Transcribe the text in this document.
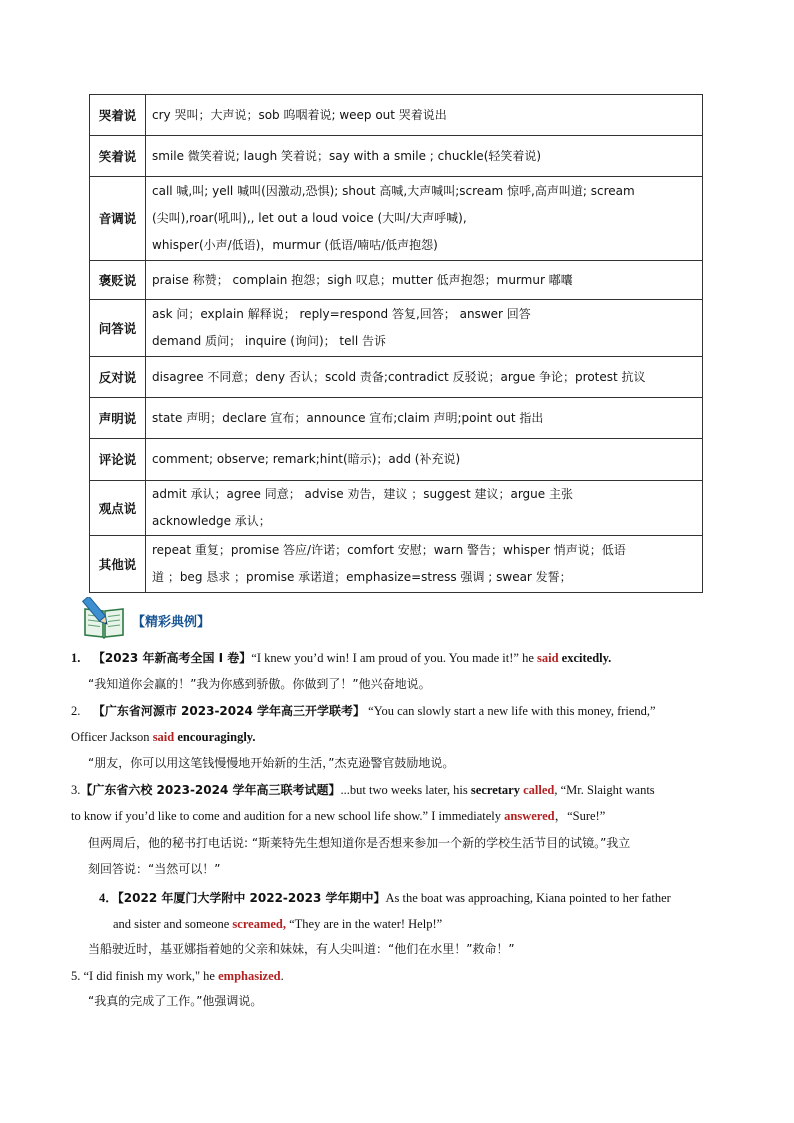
哭着说	cry 哭叫；大声说；sob 呜咽着说; weep out 哭着说出

笑着说	smile 微笑着说; laugh 笑着说；say with a smile ; chuckle(轻笑着说)

音调说	call 喊,叫; yell 喊叫(因激动,恐惧); shout 高喊,大声喊叫;scream 惊呼,高声叫道; scream
(尖叫),roar(吼叫),, let out a loud voice (大叫/大声呼喊),
whisper(小声/低语)，murmur (低语/喃咕/低声抱怨)

褒贬说	praise 称赞； complain 抱怨；sigh 叹息；mutter 低声抱怨；murmur 嘟囔

问答说	ask 问；explain 解释说； reply=respond 答复,回答； answer 回答
demand 质问； inquire (询问)； tell 告诉

反对说	disagree 不同意；deny 否认；scold 责备;contradict 反驳说；argue 争论；protest 抗议

声明说	state 声明；declare 宣布；announce 宣布;claim 声明;point out 指出

评论说	comment; observe; remark;hint(暗示)；add (补充说)

观点说	admit 承认；agree 同意； advise 劝告，建议 ；suggest 建议；argue 主张
acknowledge 承认；

其他说	repeat 重复；promise 答应/许诺；comfort 安慰；warn 警告；whisper 悄声说；低语
道 ；beg 恳求 ；promise 承诺道；emphasize=stress 强调 ; swear 发誓；
【精彩典例】
1. 【2023 年新高考全国 I 卷】“I knew you’d win! I am proud of you. You made it!” he said excitedly.
“我知道你会赢的！”我为你感到骄傲。你做到了！”他兴奋地说。
2. 【广东省河源市 2023-2024 学年高三开学联考】 “You can slowly start a new life with this money, friend,”
Officer Jackson said encouragingly.
“朋友，你可以用这笔钱慢慢地开始新的生活，”杰克逊警官鼓励地说。
3.【广东省六校 2023-2024 学年高三联考试题】...but two weeks later, his secretary called, “Mr. Slaight wants
to know if you’d like to come and audition for a new school life show.” I immediately answered，“Sure!”
但两周后，他的秘书打电话说: “斯莱特先生想知道你是否想来参加一个新的学校生活节目的试镜。”我立
刻回答说：“当然可以！”
4．【2022 年厦门大学附中 2022-2023 学年期中】As the boat was approaching, Kiana pointed to her father
and sister and someone screamed, “They are in the water! Help!”
当船驶近时，基亚娜指着她的父亲和妹妹，有人尖叫道：“他们在水里！”救命！”
5. “I did finish my work," he emphasized.
“我真的完成了工作。”他强调说。
